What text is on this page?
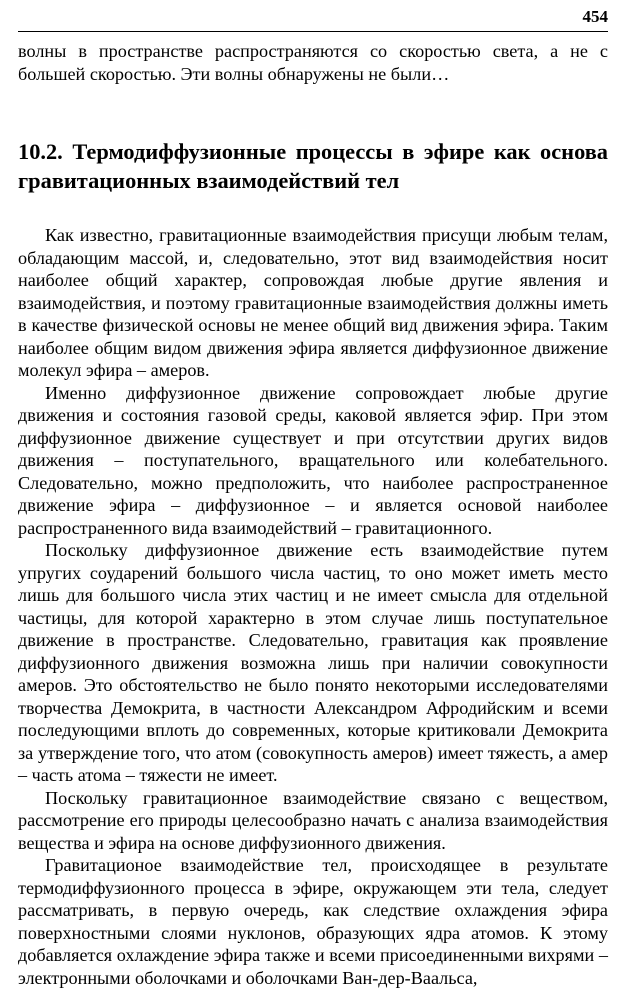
454

волны в пространстве распространяются со скоростью света, а не с большей скоростью. Эти волны обнаружены не были…

10.2. Термодиффузионные процессы в эфире как основа гравитационных взаимодействий тел

Как известно, гравитационные взаимодействия присущи любым телам, обладающим массой, и, следовательно, этот вид взаимодействия носит наиболее общий характер, сопровождая любые другие явления и взаимодействия, и поэтому гравитационные взаимодействия должны иметь в качестве физической основы не менее общий вид движения эфира. Таким наиболее общим видом движения эфира является диффузионное движение молекул эфира – амеров.

Именно диффузионное движение сопровождает любые другие движения и состояния газовой среды, каковой является эфир. При этом диффузионное движение существует и при отсутствии других видов движения – поступательного, вращательного или колебательного. Следовательно, можно предположить, что наиболее распространенное движение эфира – диффузионное – и является основой наиболее распространенного вида взаимодействий – гравитационного.

Поскольку диффузионное движение есть взаимодействие путем упругих соударений большого числа частиц, то оно может иметь место лишь для большого числа этих частиц и не имеет смысла для отдельной частицы, для которой характерно в этом случае лишь поступательное движение в пространстве. Следовательно, гравитация как проявление диффузионного движения возможна лишь при наличии совокупности амеров. Это обстоятельство не было понято некоторыми исследователями творчества Демокрита, в частности Александром Афродийским и всеми последующими вплоть до современных, которые критиковали Демокрита за утверждение того, что атом (совокупность амеров) имеет тяжесть, а амер – часть атома – тяжести не имеет.

Поскольку гравитационное взаимодействие связано с веществом, рассмотрение его природы целесообразно начать с анализа взаимодействия вещества и эфира на основе диффузионного движения.

Гравитационое взаимодействие тел, происходящее в результате термодиффузионного процесса в эфире, окружающем эти тела, следует рассматривать, в первую очередь, как следствие охлаждения эфира поверхностными слоями нуклонов, образующих ядра атомов. К этому добавляется охлаждение эфира также и всеми присоединенными вихрями – электронными оболочками и оболочками Ван-дер-Ваальса,
